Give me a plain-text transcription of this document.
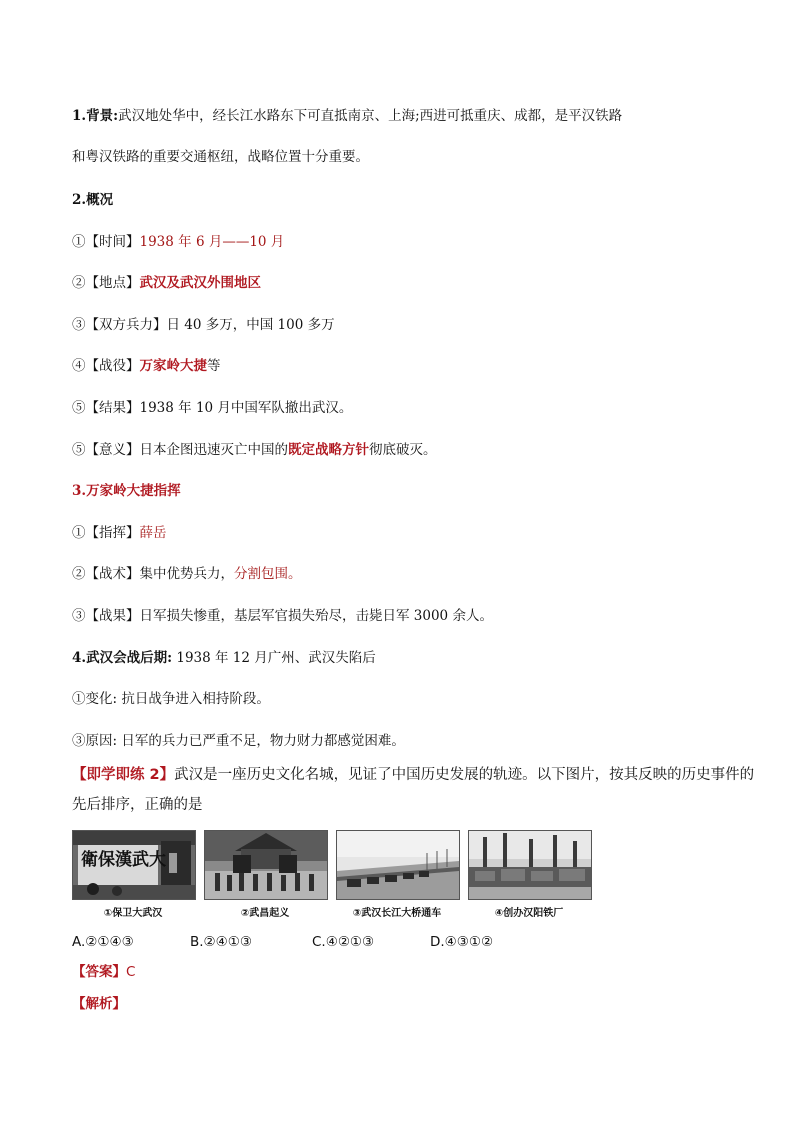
1.背景:武汉地处华中，经长江水路东下可直抵南京、上海;西进可抵重庆、成都，是平汉铁路
和粤汉铁路的重要交通枢纽，战略位置十分重要。
2.概况
①【时间】1938 年 6 月——10 月
②【地点】武汉及武汉外围地区
③【双方兵力】日 40 多万，中国 100 多万
④【战役】万家岭大捷等
⑤【结果】1938 年 10 月中国军队撤出武汉。
⑤【意义】日本企图迅速灭亡中国的既定战略方针彻底破灭。
3.万家岭大捷指挥
①【指挥】薛岳
②【战术】集中优势兵力，分割包围。
③【战果】日军损失惨重，基层军官损失殆尽，击毙日军 3000 余人。
4.武汉会战后期: 1938 年 12 月广州、武汉失陷后
①变化: 抗日战争进入相持阶段。
③原因: 日军的兵力已严重不足，物力财力都感觉困难。
【即学即练 2】武汉是一座历史文化名城，见证了中国历史发展的轨迹。以下图片，按其反映的历史事件的
先后排序，正确的是
衛保漢武大
①保卫大武汉	②武昌起义	③武汉长江大桥通车	④创办汉阳铁厂
A.②①④③	B.②④①③	C.④②①③	D.④③①②
【答案】C
【解析】
